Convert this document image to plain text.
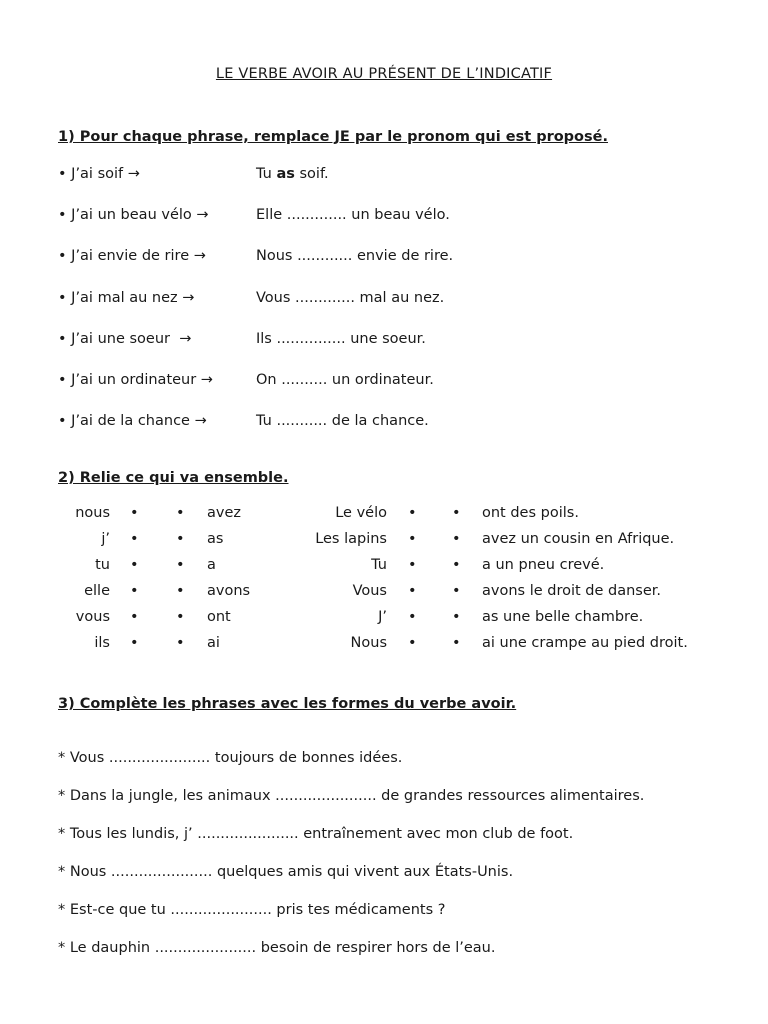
LE VERBE AVOIR AU PRÉSENT DE L’INDICATIF
1) Pour chaque phrase, remplace JE par le pronom qui est proposé.
• J’ai soif →	Tu as soif.
• J’ai un beau vélo →	Elle ............. un beau vélo.
• J’ai envie de rire →	Nous ............ envie de rire.
• J’ai mal au nez →	Vous ............. mal au nez.
• J’ai une soeur  →	Ils ............... une soeur.
• J’ai un ordinateur →	On .......... un ordinateur.
• J’ai de la chance →	Tu ........... de la chance.
2) Relie ce qui va ensemble.
nous •	• avez	Le vélo • • ont des poils.
j’ •	• as	Les lapins • • avez un cousin en Afrique.
tu •	• a	Tu • • a un pneu crevé.
elle •	• avons	Vous • • avons le droit de danser.
vous •	• ont	J’ • • as une belle chambre.
ils •	• ai	Nous • • ai une crampe au pied droit.
3) Complète les phrases avec les formes du verbe avoir.
* Vous ...................... toujours de bonnes idées.
* Dans la jungle, les animaux ...................... de grandes ressources alimentaires.
* Tous les lundis, j’ ...................... entraînement avec mon club de foot.
* Nous ...................... quelques amis qui vivent aux États-Unis.
* Est-ce que tu ...................... pris tes médicaments ?
* Le dauphin ...................... besoin de respirer hors de l’eau.
